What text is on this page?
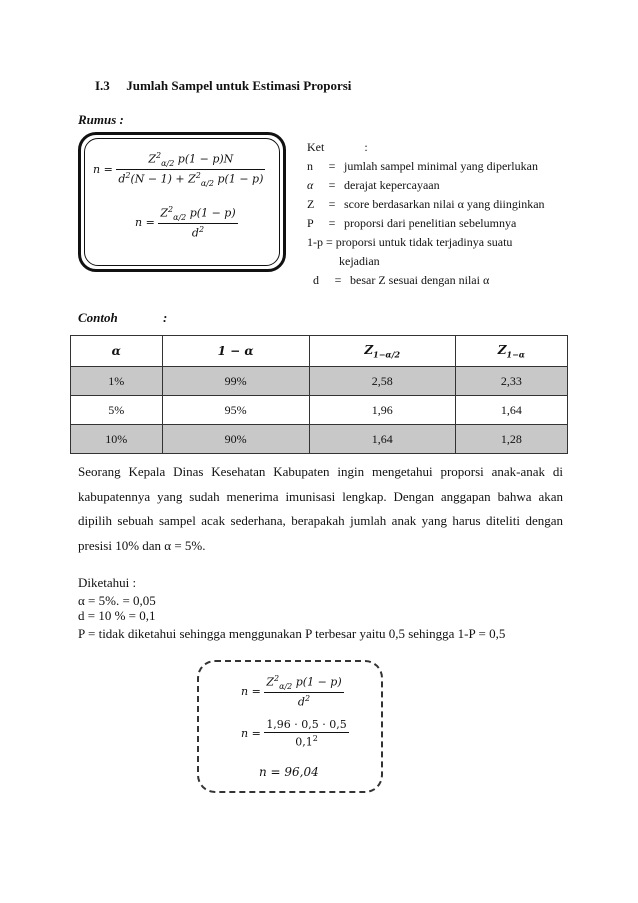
I.3 Jumlah Sampel untuk Estimasi Proporsi
Rumus :
$n = \frac{Z^2_{\alpha/2} p(1 - p)N}{d^2(N - 1) + Z^2_{\alpha/2} p(1 - p)}$
$n = \frac{Z^2_{\alpha/2} p(1 - p)}{d^2}$
Ket	:
n = jumlah sampel minimal yang diperlukan
α = derajat kepercayaan
Z = score berdasarkan nilai α yang diinginkan
P = proporsi dari penelitian sebelumnya
1-p = proporsi untuk tidak terjadinya suatu
kejadian
d = besar Z sesuai dengan nilai α
Contoh	:
α	1 − α	$Z_{1-\alpha/2}$	$Z_{1-\alpha}$
1%	99%	2,58	2,33
5%	95%	1,96	1,64
10%	90%	1,64	1,28
Seorang Kepala Dinas Kesehatan Kabupaten ingin mengetahui proporsi anak-anak di kabupatennya yang sudah menerima imunisasi lengkap. Dengan anggapan bahwa akan dipilih sebuah sampel acak sederhana, berapakah jumlah anak yang harus diteliti dengan presisi 10% dan α = 5%.
Diketahui :
α = 5%. = 0,05
d = 10 % = 0,1
P = tidak diketahui sehingga menggunakan P terbesar yaitu 0,5 sehingga 1-P = 0,5
$n = \frac{Z^2_{\alpha/2} p(1 - p)}{d^2}$
$n = \frac{1,96 \cdot 0,5 \cdot 0,5}{0,1^2}$
n = 96,04
